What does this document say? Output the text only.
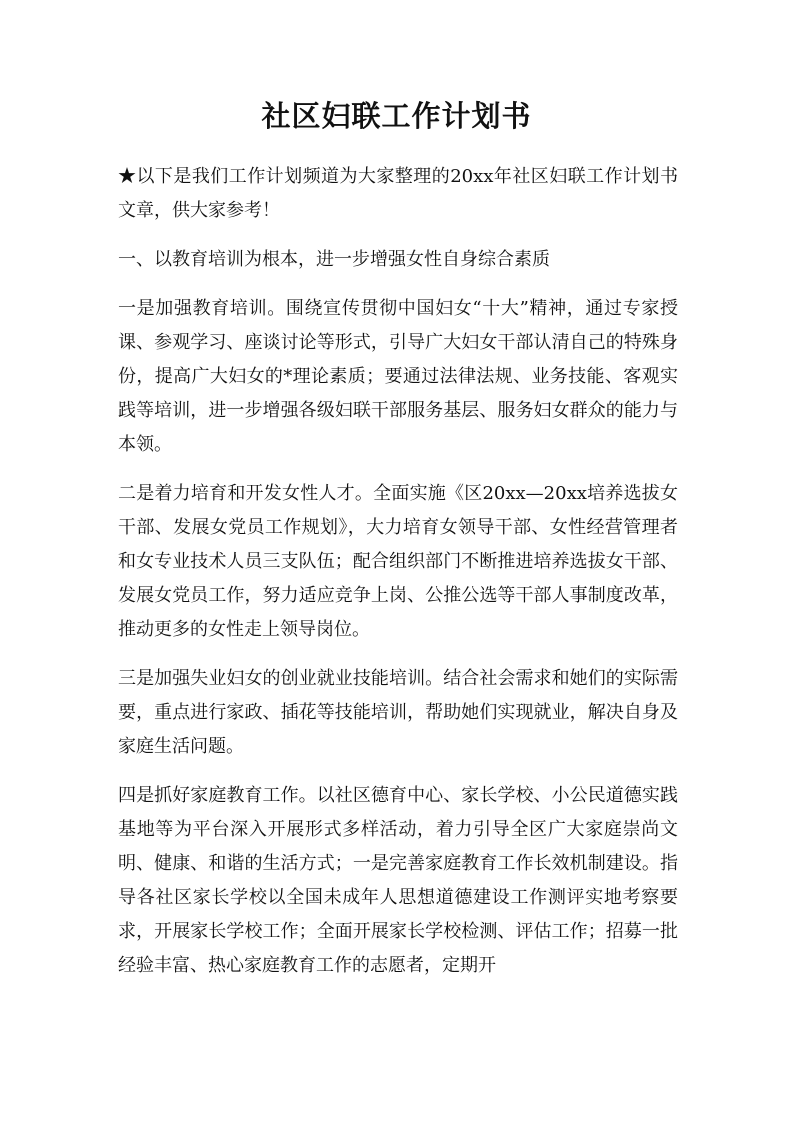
社区妇联工作计划书

★以下是我们工作计划频道为大家整理的20xx年社区妇联工作计划书文章，供大家参考！

一、以教育培训为根本，进一步增强女性自身综合素质

一是加强教育培训。围绕宣传贯彻中国妇女“十大”精神，通过专家授课、参观学习、座谈讨论等形式，引导广大妇女干部认清自己的特殊身份，提高广大妇女的*理论素质；要通过法律法规、业务技能、客观实践等培训，进一步增强各级妇联干部服务基层、服务妇女群众的能力与本领。

二是着力培育和开发女性人才。全面实施《区20xx—20xx培养选拔女干部、发展女党员工作规划》，大力培育女领导干部、女性经营管理者和女专业技术人员三支队伍；配合组织部门不断推进培养选拔女干部、发展女党员工作，努力适应竞争上岗、公推公选等干部人事制度改革，推动更多的女性走上领导岗位。

三是加强失业妇女的创业就业技能培训。结合社会需求和她们的实际需要，重点进行家政、插花等技能培训，帮助她们实现就业，解决自身及家庭生活问题。

四是抓好家庭教育工作。以社区德育中心、家长学校、小公民道德实践基地等为平台深入开展形式多样活动，着力引导全区广大家庭崇尚文明、健康、和谐的生活方式；一是完善家庭教育工作长效机制建设。指导各社区家长学校以全国未成年人思想道德建设工作测评实地考察要求，开展家长学校工作；全面开展家长学校检测、评估工作；招募一批经验丰富、热心家庭教育工作的志愿者，定期开
